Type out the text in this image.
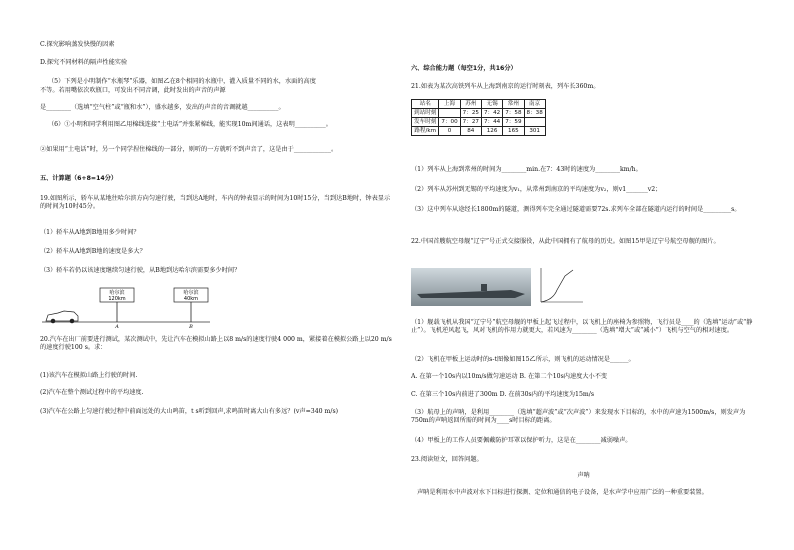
C.探究影响蒸发快慢的因素
D.探究不同材料的隔声性能实验
（5）下列是小明制作“水瓶琴”乐器，如图乙在8个相同的水瓶中，灌入质量不同的水，水面的高度
不等。若用嘴依次吹瓶口，可发出不同音调，此时发出的声音的声源
是________（选填“空气柱”或“瓶和水”），盛水越多，发出的声音的音调就越__________。
（6）①小明和同学利用图乙用棉线连接“土电话”并张紧棉线，能实现10m间通话，这表明__________。
②如果用“土电话”时，另一个同学捏住棉线的一部分，则听的一方就听不到声音了，这是由于____________。
五、计算题（6+8=14分）
19.如图所示，轿车从某地往哈尔滨方向匀速行驶，当到达A地时，车内的钟表显示的时间为10时15分，当到达B地时，钟表显示的时间为10时45分。
（1）轿车从A地到B地用多少时间？
（2）轿车从A地到B地的速度是多大？
（3）轿车若仍以该速度继续匀速行驶，从B地到达哈尔滨需要多少时间？
哈尔滨
120km
哈尔滨
40km
A	B
20.汽车在出厂前要进行测试，某次测试中，先让汽车在模拟山路上以8 m/s的速度行驶4 000 m，紧接着在模拟公路上以20 m/s的速度行驶100 s。求：
(1)该汽车在模拟山路上行驶的时间.
(2)汽车在整个测试过程中的平均速度.
(3)汽车在公路上匀速行驶过程中前面远处的大山鸣笛，t s听到回声,求鸣笛时离大山有多远？(v声=340 m/s)
六、综合能力题（每空1分，共16分）
21.如表为某次高铁列车从上海到南京的运行时刻表，列车长360m。
站名	上海	苏州	无锡	常州	南京
到站时刻		7：25	7：42	7：58	8：38
发车时刻	7：00	7：27	7：44	7：59	
路程/km	0	84	126	165	301
（1）列车从上海到常州的时间为________min.在7：43时的速度为________km/h。
（2）列车从苏州到无锡的平均速度为v₁，从常州到南京的平均速度为v₂，则v1_______v2；
（3）这中列车从途经长1800m的隧道，测得列车完全通过隧道需要72s.求列车全部在隧道内运行的时间是_________s。
22.中国首艘航空母舰“辽宁”号正式交接服役，从此中国拥有了航母的历史。如图15甲是辽宁号航空母舰的图片。
（1）舰载飞机从我国“辽宁号”航空母舰的甲板上起飞过程中，以飞机上的座椅为参照物，飞行员是____的（选填“运动”或“静止”）。飞机逆风起飞，风对飞机的作用力就更大，若风速为________（选填“增大”或“减小”）飞机与空气的相对速度。
（2）飞机在甲板上运动时的s-t图像如图15乙所示，则飞机的运动情况是______。
A. 在第一个10s内以10m/s做匀速运动 B. 在第二个10s内速度大小不变
C. 在第三个10s内前进了300m D. 在前30s内的平均速度为15m/s
（3）航母上的声呐，是利用________（选填“超声波”或“次声波”）来发现水下目标的，水中的声速为1500m/s，则发声为750m的声呐返回所需的时间为____s时目标的距离。
（4）甲板上的工作人员要佩戴防护耳罩以保护听力，这是在________减弱噪声。
23.阅读短文，回答问题。
声呐
声呐是利用水中声波对水下目标进行探测、定位和通信的电子设备，是水声学中应用广泛的一种重要装置。
